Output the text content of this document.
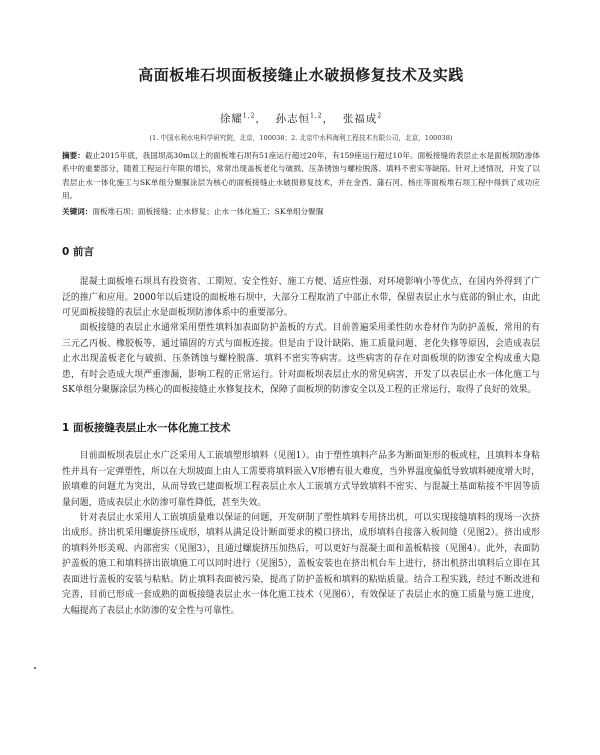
高面板堆石坝面板接缝止水破损修复技术及实践
徐耀$^{1,2}$， 孙志恒$^{1,2}$， 张福成$^2$
(1. 中国水利水电科学研究院，北京，100038；2. 北京中水科海利工程技术有限公司，北京，100038)
摘要：截止2015年底，我国坝高30m以上的面板堆石坝有51座运行超过20年，有159座运行超过10年。面板接缝的表层止水是面板坝防渗体系中的重要部分，随着工程运行年限的增长，常常出现盖板老化与破损、压条锈蚀与螺栓脱落、填料不密实等缺陷。针对上述情况，开发了以表层止水一体化施工与SK单组分聚脲涂层为核心的面板接缝止水破损修复技术，并在金西、蒲石河、杨庄等面板堆石坝工程中得到了成功应用。
关键词：面板堆石坝；面板接缝；止水修复；止水一体化施工；SK单组分聚脲
0 前言

混凝土面板堆石坝具有投资省、工期短、安全性好、施工方便、适应性强、对环境影响小等优点，在国内外得到了广泛的推广和应用。2000年以后建设的面板堆石坝中，大部分工程取消了中部止水带，保留表层止水与底部的铜止水，由此可见面板接缝的表层止水是面板坝防渗体系中的重要部分。

面板接缝的表层止水通常采用塑性填料加表面防护盖板的方式。目前普遍采用柔性防水卷材作为防护盖板，常用的有三元乙丙板、橡胶板等，通过锚固的方式与面板连接。但是由于设计缺陷、施工质量问题、老化失修等原因，会造成表层止水出现盖板老化与破损、压条锈蚀与螺栓脱落、填料不密实等病害。这些病害的存在对面板坝的防渗安全构成重大隐患，有时会造成大坝严重渗漏，影响工程的正常运行。针对面板坝表层止水的常见病害，开发了以表层止水一体化施工与SK单组分聚脲涂层为核心的面板接缝止水修复技术，保障了面板坝的防渗安全以及工程的正常运行，取得了良好的效果。

1 面板接缝表层止水一体化施工技术

目前面板坝表层止水广泛采用人工嵌填塑形填料（见图1）。由于塑性填料产品多为断面矩形的板或柱，且填料本身粘性并具有一定弹塑性，所以在大坝坡面上由人工需要将填料嵌入V形槽有很大难度，当外界温度偏低导致填料硬度增大时，嵌填难的问题尤为突出，从而导致已建面板坝工程表层止水人工嵌填方式导致填料不密实、与混凝土基面粘接不牢固等质量问题，造成表层止水防渗可靠性降低，甚至失效。

针对表层止水采用人工嵌填质量难以保证的问题，开发研制了塑性填料专用挤出机，可以实现接缝填料的现场一次挤出成形。挤出机采用螺旋挤压成形，填料从满足设计断面要求的模口挤出，成形填料自接落入板间缝（见图2）。挤出成形的填料外形美观、内部密实（见图3），且通过螺旋挤压加热后，可以更好与混凝土面和盖板粘接（见图4）。此外，表面防护盖板的施工和填料挤出嵌填施工可以同时进行（见图5），盖板安装也在挤出机台车上进行，挤出机挤出填料后立即在其表面进行盖板的安装与粘贴。防止填料表面被污染，提高了防护盖板和填料的粘贴质量。结合工程实践，经过不断改进和完善，目前已形成一套成熟的面板接缝表层止水一体化施工技术（见图6），有效保证了表层止水的施工质量与施工进度，大幅提高了表层止水防渗的安全性与可靠性。
